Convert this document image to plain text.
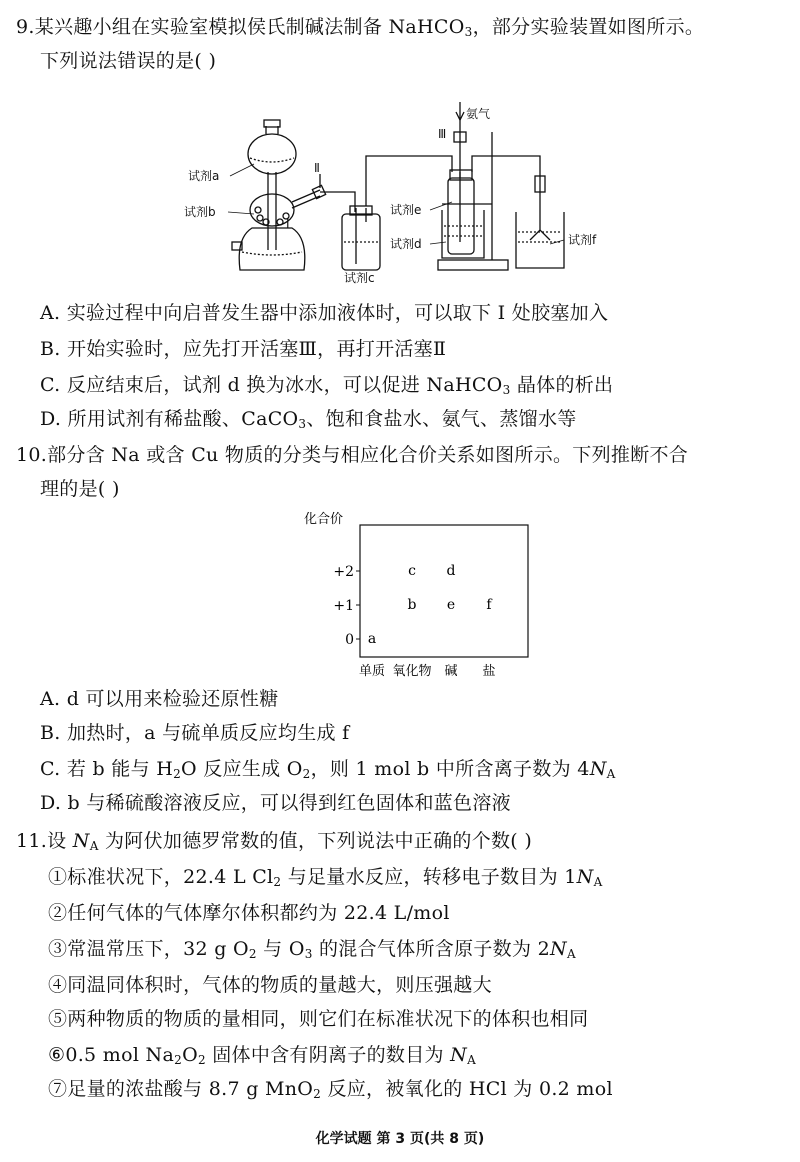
9.某兴趣小组在实验室模拟侯氏制碱法制备 NaHCO$_3$，部分实验装置如图所示。
下列说法错误的是( )
氨气
Ⅲ
Ⅱ
Ⅰ
试剂a
试剂b
试剂c
试剂d
试剂e
试剂f
A. 实验过程中向启普发生器中添加液体时，可以取下 Ⅰ 处胶塞加入
B. 开始实验时，应先打开活塞Ⅲ，再打开活塞Ⅱ
C. 反应结束后，试剂 d 换为冰水，可以促进 NaHCO$_3$ 晶体的析出
D. 所用试剂有稀盐酸、CaCO$_3$、饱和食盐水、氨气、蒸馏水等
10.部分含 Na 或含 Cu 物质的分类与相应化合价关系如图所示。下列推断不合
理的是( )
化合价
+2
+1
0
单质 氧化物 碱 盐
a
b
c d
e f
A. d 可以用来检验还原性糖
B. 加热时，a 与硫单质反应均生成 f
C. 若 b 能与 $H_2O$ 反应生成 $O_2$，则 1 mol b 中所含离子数为 $4N_A$
D. b 与稀硫酸溶液反应，可以得到红色固体和蓝色溶液
11.设 $N_A$ 为阿伏加德罗常数的值，下列说法中正确的个数( )
①标准状况下，22.4 L $Cl_2$ 与足量水反应，转移电子数目为 $1N_A$
②任何气体的气体摩尔体积都约为 22.4 L/mol
③常温常压下，32 g $O_2$ 与 $O_3$ 的混合气体所含原子数为 $2N_A$
④同温同体积时，气体的物质的量越大，则压强越大
⑤两种物质的物质的量相同，则它们在标准状况下的体积也相同
⑥0.5 mol $Na_2O_2$ 固体中含有阴离子的数目为 $N_A$
⑦足量的浓盐酸与 8.7 g MnO$_2$ 反应，被氧化的 HCl 为 0.2 mol
化学试题 第 3 页(共 8 页)
